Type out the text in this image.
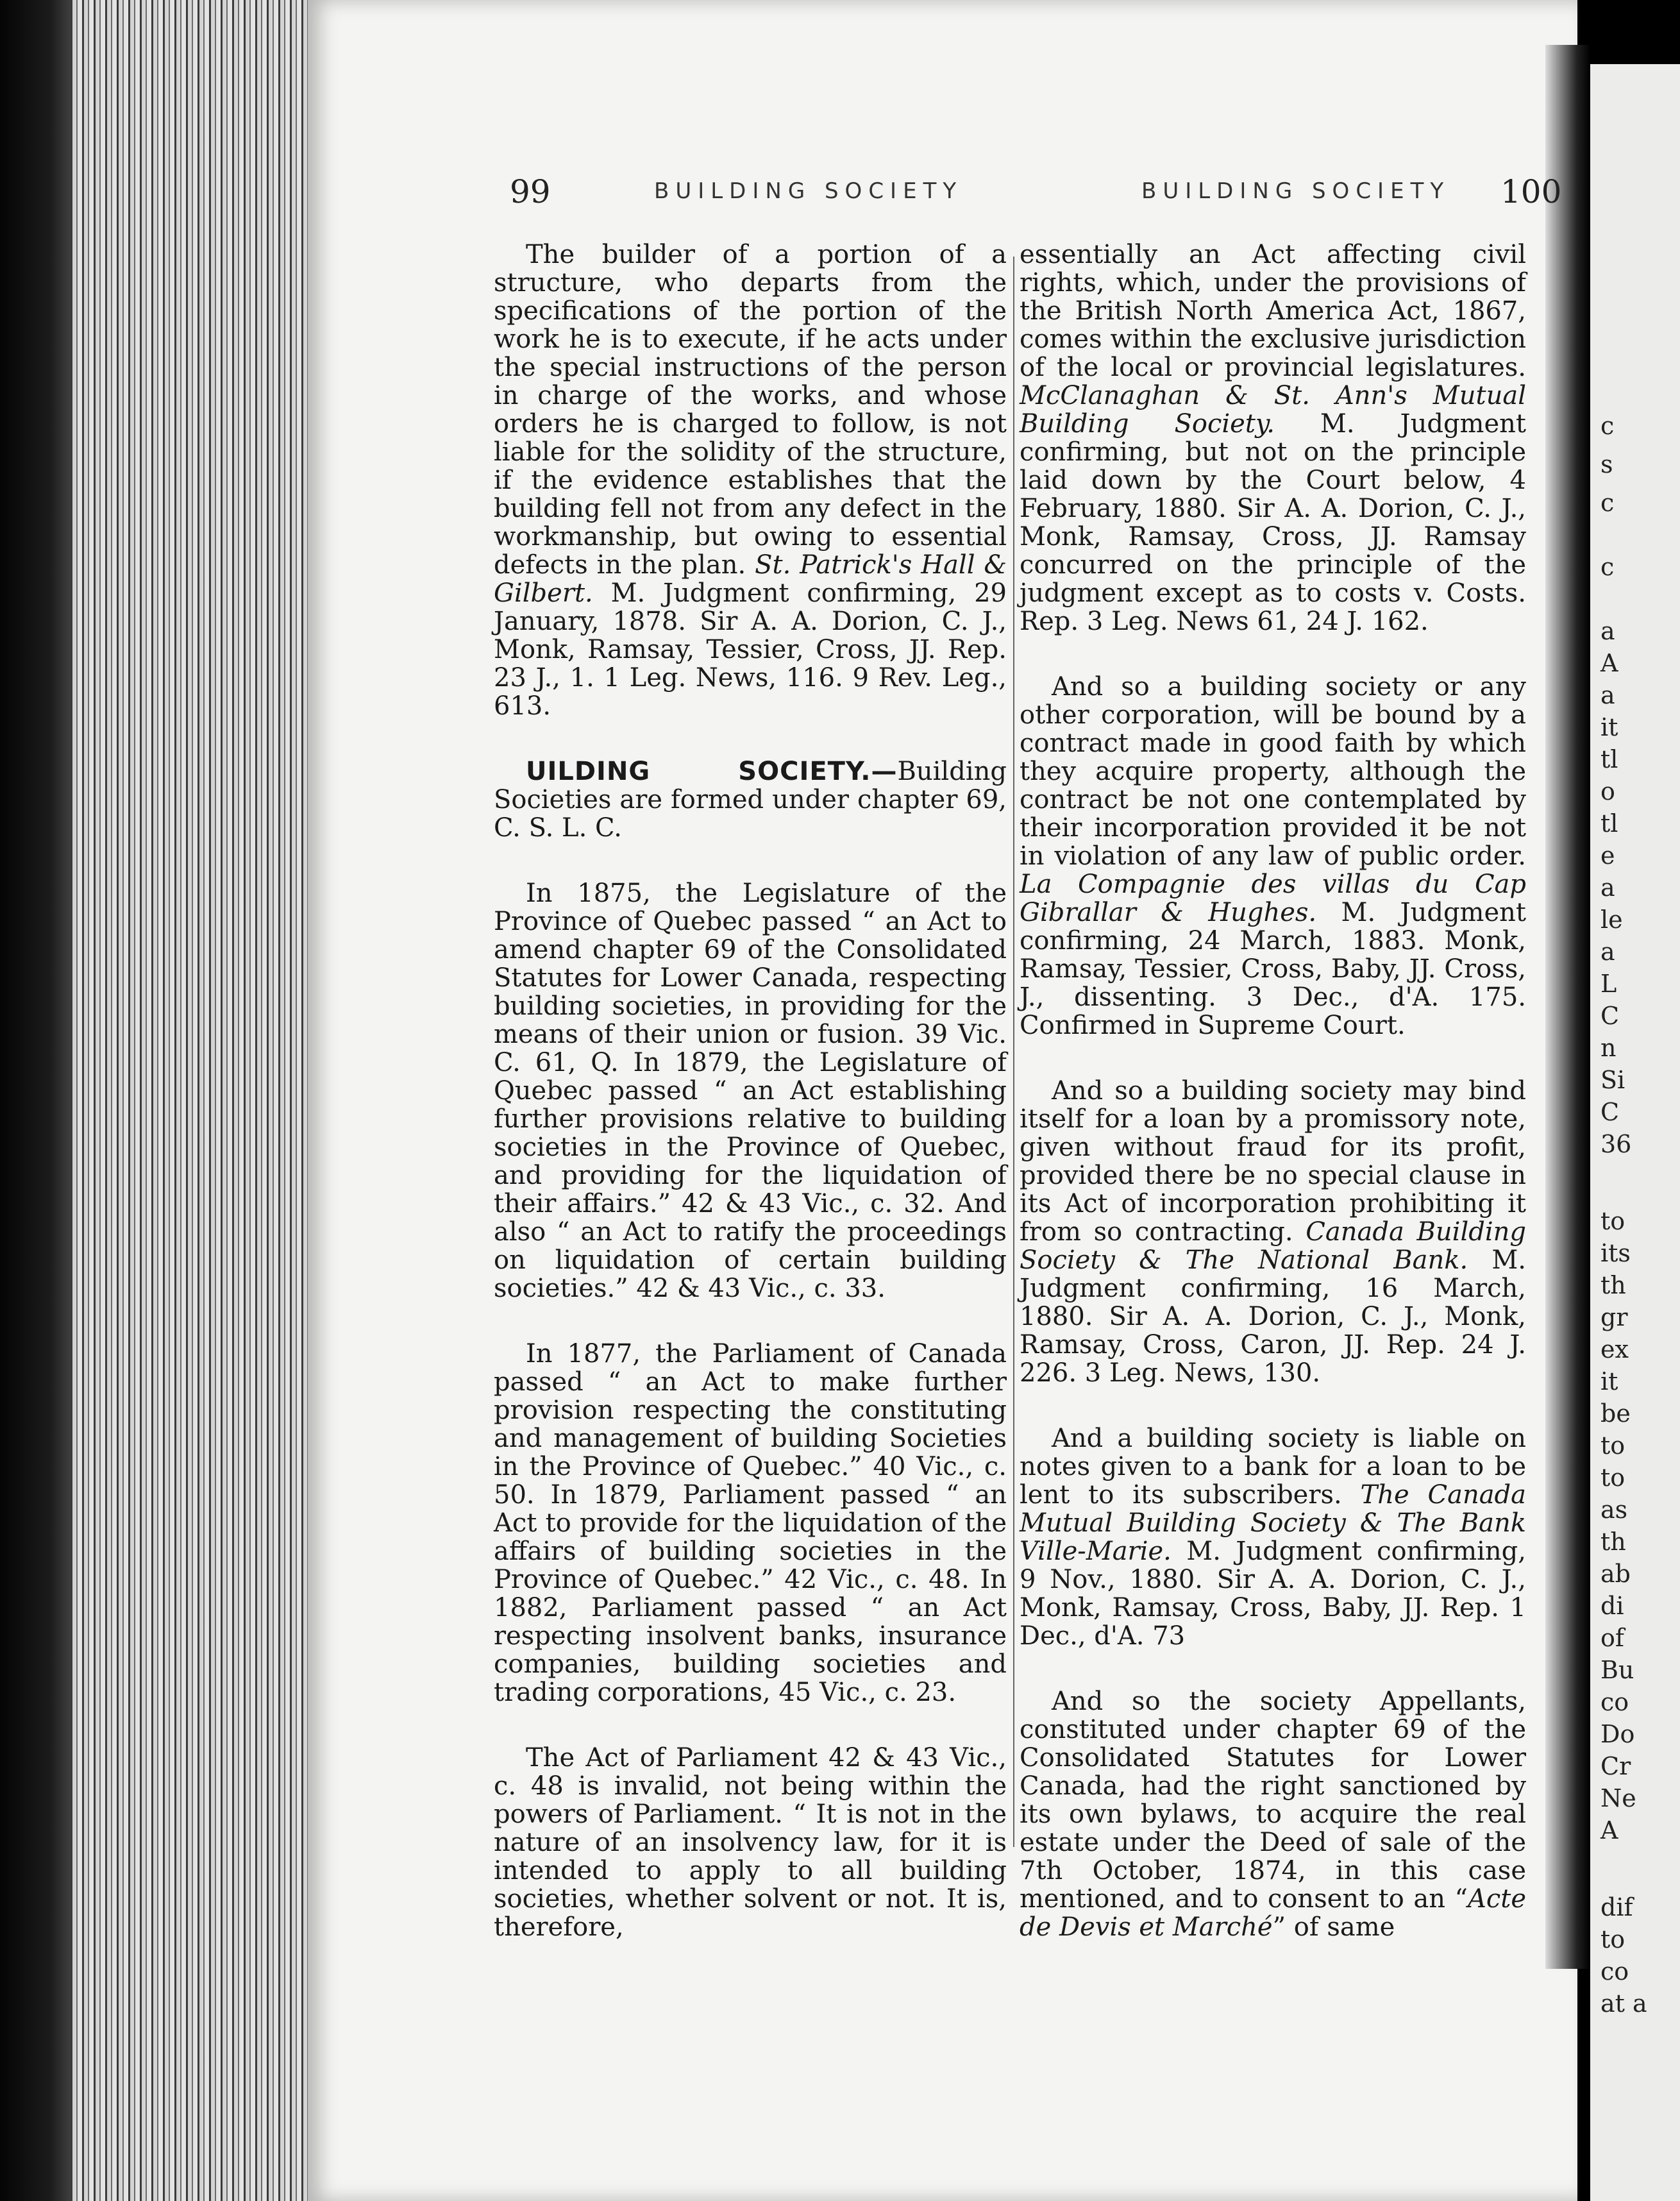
c
s
c
c
a
A
a
it
tl
o
tl
e
a
le
a
L
C
n
Si
C
36
to
its
th
gr
ex
it
be
to
to
as
th
ab
di
of
Bu
co
Do
Cr
Ne
A
dif
to
co
at a
99	BUILDING SOCIETY	BUILDING SOCIETY 100

The builder of a portion of a structure, who departs from the specifications of the portion of the work he is to execute, if he acts under the special instructions of the person in charge of the works, and whose orders he is charged to follow, is not liable for the solidity of the structure, if the evidence establishes that the building fell not from any defect in the workmanship, but owing to essential defects in the plan. St. Patrick's Hall & Gilbert. M. Judgment confirming, 29 January, 1878. Sir A. A. Dorion, C. J., Monk, Ramsay, Tessier, Cross, JJ. Rep. 23 J., 1. 1 Leg. News, 116. 9 Rev. Leg., 613.

UILDING SOCIETY.—Building Societies are formed under chapter 69, C. S. L. C.

In 1875, the Legislature of the Province of Quebec passed “ an Act to amend chapter 69 of the Consolidated Statutes for Lower Canada, respecting building societies, in providing for the means of their union or fusion. 39 Vic. C. 61, Q. In 1879, the Legislature of Quebec passed “ an Act establishing further provisions relative to building societies in the Province of Quebec, and providing for the liquidation of their affairs.” 42 & 43 Vic., c. 32. And also “ an Act to ratify the proceedings on liquidation of certain building societies.” 42 & 43 Vic., c. 33.

In 1877, the Parliament of Canada passed “ an Act to make further provision respecting the constituting and management of building Societies in the Province of Quebec.” 40 Vic., c. 50. In 1879, Parliament passed “ an Act to provide for the liquidation of the affairs of building societies in the Province of Quebec.” 42 Vic., c. 48. In 1882, Parliament passed “ an Act respecting insolvent banks, insurance companies, building societies and trading corporations, 45 Vic., c. 23.

The Act of Parliament 42 & 43 Vic., c. 48 is invalid, not being within the powers of Parliament. “ It is not in the nature of an insolvency law, for it is intended to apply to all building societies, whether solvent or not. It is, therefore,

essentially an Act affecting civil rights, which, under the provisions of the British North America Act, 1867, comes within the exclusive jurisdiction of the local or provincial legislatures. McClanaghan & St. Ann's Mutual Building Society. M. Judgment confirming, but not on the principle laid down by the Court below, 4 February, 1880. Sir A. A. Dorion, C. J., Monk, Ramsay, Cross, JJ. Ramsay concurred on the principle of the judgment except as to costs v. Costs. Rep. 3 Leg. News 61, 24 J. 162.

And so a building society or any other corporation, will be bound by a contract made in good faith by which they acquire property, although the contract be not one contemplated by their incorporation provided it be not in violation of any law of public order. La Compagnie des villas du Cap Gibrallar & Hughes. M. Judgment confirming, 24 March, 1883. Monk, Ramsay, Tessier, Cross, Baby, JJ. Cross, J., dissenting. 3 Dec., d'A. 175. Confirmed in Supreme Court.

And so a building society may bind itself for a loan by a promissory note, given without fraud for its profit, provided there be no special clause in its Act of incorporation prohibiting it from so contracting. Canada Building Society & The National Bank. M. Judgment confirming, 16 March, 1880. Sir A. A. Dorion, C. J., Monk, Ramsay, Cross, Caron, JJ. Rep. 24 J. 226. 3 Leg. News, 130.

And a building society is liable on notes given to a bank for a loan to be lent to its subscribers. The Canada Mutual Building Society & The Bank Ville-Marie. M. Judgment confirming, 9 Nov., 1880. Sir A. A. Dorion, C. J., Monk, Ramsay, Cross, Baby, JJ. Rep. 1 Dec., d'A. 73

And so the society Appellants, constituted under chapter 69 of the Consolidated Statutes for Lower Canada, had the right sanctioned by its own bylaws, to acquire the real estate under the Deed of sale of the 7th October, 1874, in this case mentioned, and to consent to an “Acte de Devis et Marché” of same
